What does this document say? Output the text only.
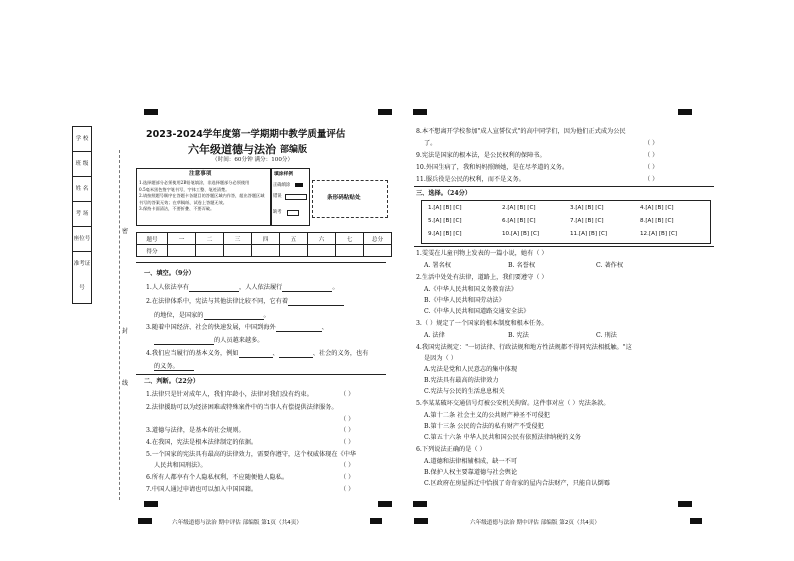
学 校
班 级
姓 名
考 场
座位号
准考证号
密
封
线
2023-2024学年度第一学期期中教学质量评估
六年级道德与法治 部编版
（时间：60分钟 满分：100分）
注意事项
1.选择题部分必须使用2B铅笔填涂，非选择题部分必须使用
0.5毫米黑色签字笔书写，字体工整、笔迹清楚。
2.请按照题号顺序在答题卡各题目的答题区域内作答，超出答题区域
书写的答案无效；在草稿纸、试卷上答题无效。
3.保持卡面清洁，不要折叠、不要弄破。
填涂样例
正确填涂
错误
缺考
条形码粘贴处
题号	一	二	三	四	五	六	七	总分
得分								
一、填空。（9分）
1.人人依法享有	，人人依法履行	。
2.在法律体系中，宪法与其他法律比较不同，它有着
的地位，是国家的	。
3.随着中国经济、社会的快速发展，中国到海外	、
的人员越来越多。
4.我们应当履行的基本义务，例如	、	、社会的义务，也有
的义务。
二、判断。（22分）
1.法律只是针对成年人，我们年龄小，法律对我们没有约束。	（ ）
2.法律援助可以为经济困难或特殊案件中的当事人有偿提供法律服务。
（ ）
3.道德与法律，是基本的社会规则。	（ ）
4.在我国，宪法是根本法律制定的依据。	（ ）
5.一个国家的宪法具有最高的法律效力，需要你遵守，这个权威体现在《中华
人民共和国刑法》。	（ ）
6.所有人都享有个人隐私权利，不应随便他人隐私。	（ ）
7.中国人通过申请也可以加入中国国籍。	（ ）
六年级道德与法治 期中评估 部编版 第1页（共4页）
8.本不想离开学校参加"成人宣誓仪式"的高中同学们，因为他们正式成为公民
了。	（ ）
9.宪法是国家的根本法，是公民权利的保障书。	（ ）
10.外国生病了，我和妈妈照顾她，是在尽孝道的义务。	（ ）
11.服兵役是公民的权利，而不是义务。	（ ）
三、选择。（24分）
1.[A] [B] [C]	2.[A] [B] [C]	3.[A] [B] [C]	4.[A] [B] [C]
5.[A] [B] [C]	6.[A] [B] [C]	7.[A] [B] [C]	8.[A] [B] [C]
9.[A] [B] [C]	10.[A] [B] [C]	11.[A] [B] [C]	12.[A] [B] [C]
1.雯雯在儿童刊物上发表的一篇小说，她有（ ）
A. 署名权	B. 名誉权	C. 著作权
2.生活中处处有法律，道路上，我们要遵守（ ）
A.《中华人民共和国义务教育法》
B.《中华人民共和国劳动法》
C.《中华人民共和国道路交通安全法》
3.（ ）规定了一个国家的根本制度和根本任务。
A. 法律	B. 宪法	C. 刑法
4.我国宪法规定："一切法律、行政法规和地方性法规都不得同宪法相抵触。"这
是因为（ ）
A.宪法是党和人民意志的集中体现
B.宪法具有最高的法律效力
C.宪法与公民的生活息息相关
5.李某某破坏交通信号灯被公安机关拘留。这件事对应（ ）宪法条款。
A.第十二条 社会主义的公共财产神圣不可侵犯
B.第十三条 公民的合法的私有财产不受侵犯
C.第五十六条 中华人民共和国公民有依照法律纳税的义务
6.下列说法正确的是（ ）
A.道德和法律相辅相成，缺一不可
B.保护人权主要靠道德与社会舆论
C.区政府在房屋拆迁中恰损了奇奇家的屋内合法财产，只能自认倒霉
六年级道德与法治 期中评估 部编版 第2页（共4页）
